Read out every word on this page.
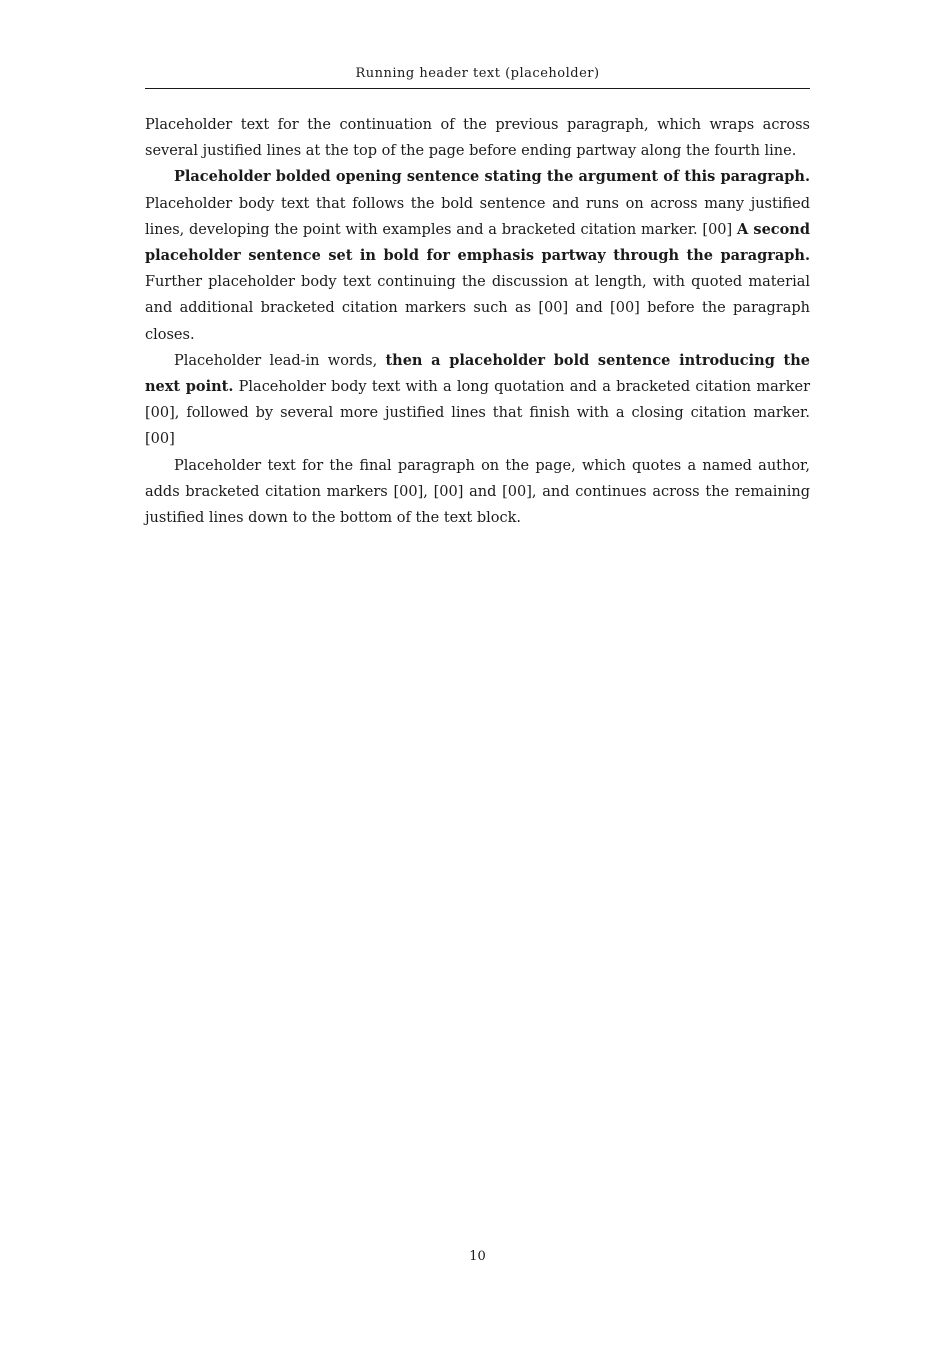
Running header text (placeholder)

Placeholder text for the continuation of the previous paragraph, which wraps across several justified lines at the top of the page before ending partway along the fourth line.

Placeholder bolded opening sentence stating the argument of this paragraph. Placeholder body text that follows the bold sentence and runs on across many justified lines, developing the point with examples and a bracketed citation marker. [00] A second placeholder sentence set in bold for emphasis partway through the paragraph. Further placeholder body text continuing the discussion at length, with quoted material and additional bracketed citation markers such as [00] and [00] before the paragraph closes.

Placeholder lead-in words, then a placeholder bold sentence introducing the next point. Placeholder body text with a long quotation and a bracketed citation marker [00], followed by several more justified lines that finish with a closing citation marker. [00]

Placeholder text for the final paragraph on the page, which quotes a named author, adds bracketed citation markers [00], [00] and [00], and continues across the remaining justified lines down to the bottom of the text block.

10
